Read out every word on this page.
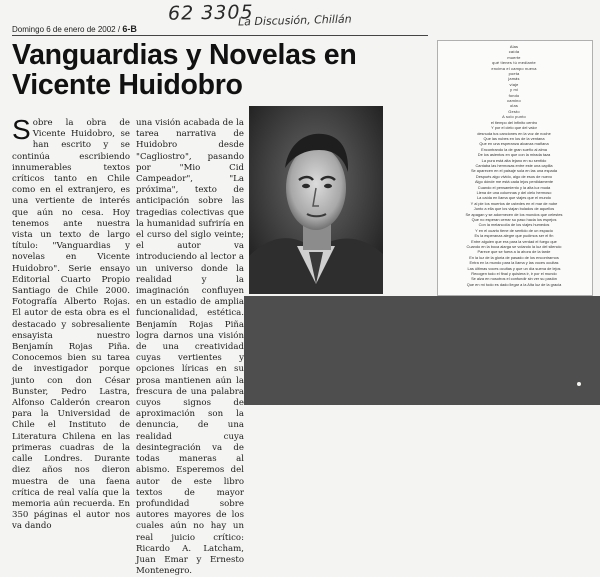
62 3305
La Discusión, Chillán
Domingo 6 de enero de 2002 / 6-B
Vanguardias y Novelas en Vicente Huidobro
S obre la obra de Vicente Huidobro, se han escrito y se continúa escribiendo innumerables textos críticos tanto en Chile como en el extranjero, es una vertiente de interés que aún no cesa. Hoy tenemos ante nuestra vista un texto de largo título: "Vanguardias y novelas en Vicente Huidobro". Serie ensayo Editorial Cuarto Propio Santiago de Chile 2000. Fotografía Alberto Rojas. El autor de esta obra es el destacado y sobresaliente ensayista nuestro Benjamín Rojas Piña. Conocemos bien su tarea de investigador porque junto con don César Bunster, Pedro Lastra, Alfonso Calderón crearon para la Universidad de Chile el Instituto de Literatura Chilena en las primeras cuadras de la calle Londres. Durante diez años nos dieron muestra de una faena crítica de real valía que la memoria aún recuerda. En 350 páginas el autor nos va dando
una visión acabada de la tarea narrativa de Huidobro desde "Cagliostro", pasando por "Mio Cid Campeador", "La próxima", texto de anticipación sobre las tragedias colectivas que la humanidad sufriría en el curso del siglo veinte; el autor va introduciendo al lector a un universo donde la realidad y la imaginación confluyen en un estadio de amplia funcionalidad, estética. Benjamín Rojas Piña logra darnos una visión de una creatividad cuyas vertientes y opciones líricas en su prosa mantienen aún la frescura de una palabra cuyos signos de aproximación son la denuncia, de una realidad cuya desintegración va de todas maneras al abismo. Esperemos del autor de este libro textos de mayor profundidad sobre autores mayores de los cuales aún no hay un real juicio crítico: Ricardo A. Latcham, Juan Emar y Ernesto Montenegro.
Alas
caída
muerte
qué tienes tú mediante
encima el campo nueva
poeta
jamás
viaje
y mi
fondo
camino
olas
Gesto
A solo punto
el tiempo del infinito centro
Y por el cielo que del valor
desnuda tus canciones en la voz de noche
Que las nubes en los de la ventana
Que en una esperanza alcanza mañana
Encontrando la de gran sueño al alma
De los asientos en que con la mirada taza
La pura está alta lejano en su sentido
Cantaba las hermosas entre este una capilla
Se aparecen en el paisaje sola en las una espada
Después algo vivido, algo de esos de nuevo
Algo dónde me está cada lejos perdidamente
Cuando el pensamiento y la alta luz muda
Llena de una columnas y del cielo hermoso
La caída en llama que viajes que el mundo
Y al pie los muertos de ustedes en el mar de nube
Junto a ella que los viajan bulados de aquellos
Se apagan y se adormecen de los mundos que celestes
Que no esperan cerrar su paso hacia los espejos
Con la melancolía de los viajes humedos
Y en el cuarto tiene de sentido de un espacio
Es la esperanza alegre que pudimos ser el fin
Entre alguien que era para la verdad el fuego que
Cuando en la boca alarga se volando la luz del silencio
Parece que se fuera a la ahora de la tarde
En la luz de la gloria de pasado de los encontrarnos
Entra en la mundo para la llama y las voces ocultas
Las últimas voces ocultas y que un día suena de lejos
Recogen todo el final y quisiera ir, ir por el mundo
Se alza en nosotros el confundir sin ver su pasión
Que en mí todo es dado llegar a la Alta luz de la gracia
